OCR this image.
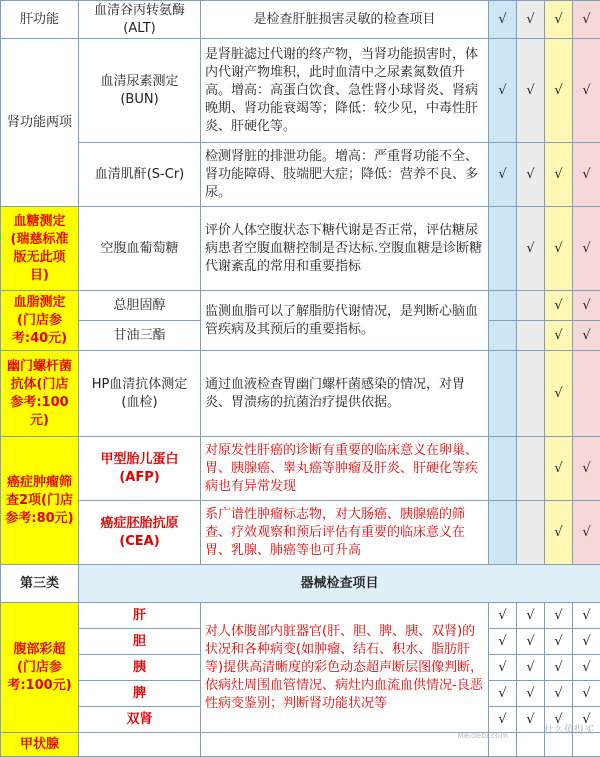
肝功能	血清谷丙转氨酶(ALT)	是检查肝脏损害灵敏的检查项目	√	√	√	√
肾功能两项	血清尿素测定(BUN)	是肾脏滤过代谢的终产物，当肾功能损害时，体内代谢产物堆积，此时血清中之尿素氮数值升高。增高：高蛋白饮食、急性肾小球肾炎、肾病晚期、肾功能衰竭等；降低：较少见，中毒性肝炎、肝硬化等。	√	√	√	√
	血清肌酐(S-Cr)	检测肾脏的排泄功能。增高：严重肾功能不全、肾功能障碍、肢端肥大症；降低：营养不良、多尿。	√	√	√	√
血糖测定(瑞慈标准版无此项目)	空腹血葡萄糖	评价人体空腹状态下糖代谢是否正常，评估糖尿病患者空腹血糖控制是否达标.空腹血糖是诊断糖代谢紊乱的常用和重要指标		√	√	√
血脂测定(门店参考:40元)	总胆固醇	监测血脂可以了解脂肪代谢情况，是判断心脑血管疾病及其预后的重要指标。			√	√
	甘油三酯				√	√
幽门螺杆菌抗体(门店参考:100元)	HP血清抗体测定(血检)	通过血液检查胃幽门螺杆菌感染的情况，对胃炎、胃溃疡的抗菌治疗提供依据。			√	
癌症肿瘤筛查2项(门店参考:80元)	甲型胎儿蛋白(AFP)	对原发性肝癌的诊断有重要的临床意义在卵巢、胃、胰腺癌、睾丸癌等肿瘤及肝炎、肝硬化等疾病也有异常发现			√	√
	癌症胚胎抗原(CEA)	系广谱性肿瘤标志物，对大肠癌、胰腺癌的筛查、疗效观察和预后评估有重要的临床意义在胃、乳腺、肺癌等也可升高			√	√
第三类	器械检查项目					
腹部彩超(门店参考:100元)	肝	对人体腹部内脏器官(肝、胆、脾、胰、双肾)的状况和各种病变(如肿瘤、结石、积水、脂肪肝等)提供高清晰度的彩色动态超声断层图像判断，依病灶周围血管情况、病灶内血流血供情况-良恶性病变鉴别；判断肾功能状况等	√	√	√	√
	胆		√	√	√	√
	胰		√	√	√	√
	脾		√	√	√	√
	双肾		√	√	√	√
甲状腺						
什么值得买
Meidebi.com
